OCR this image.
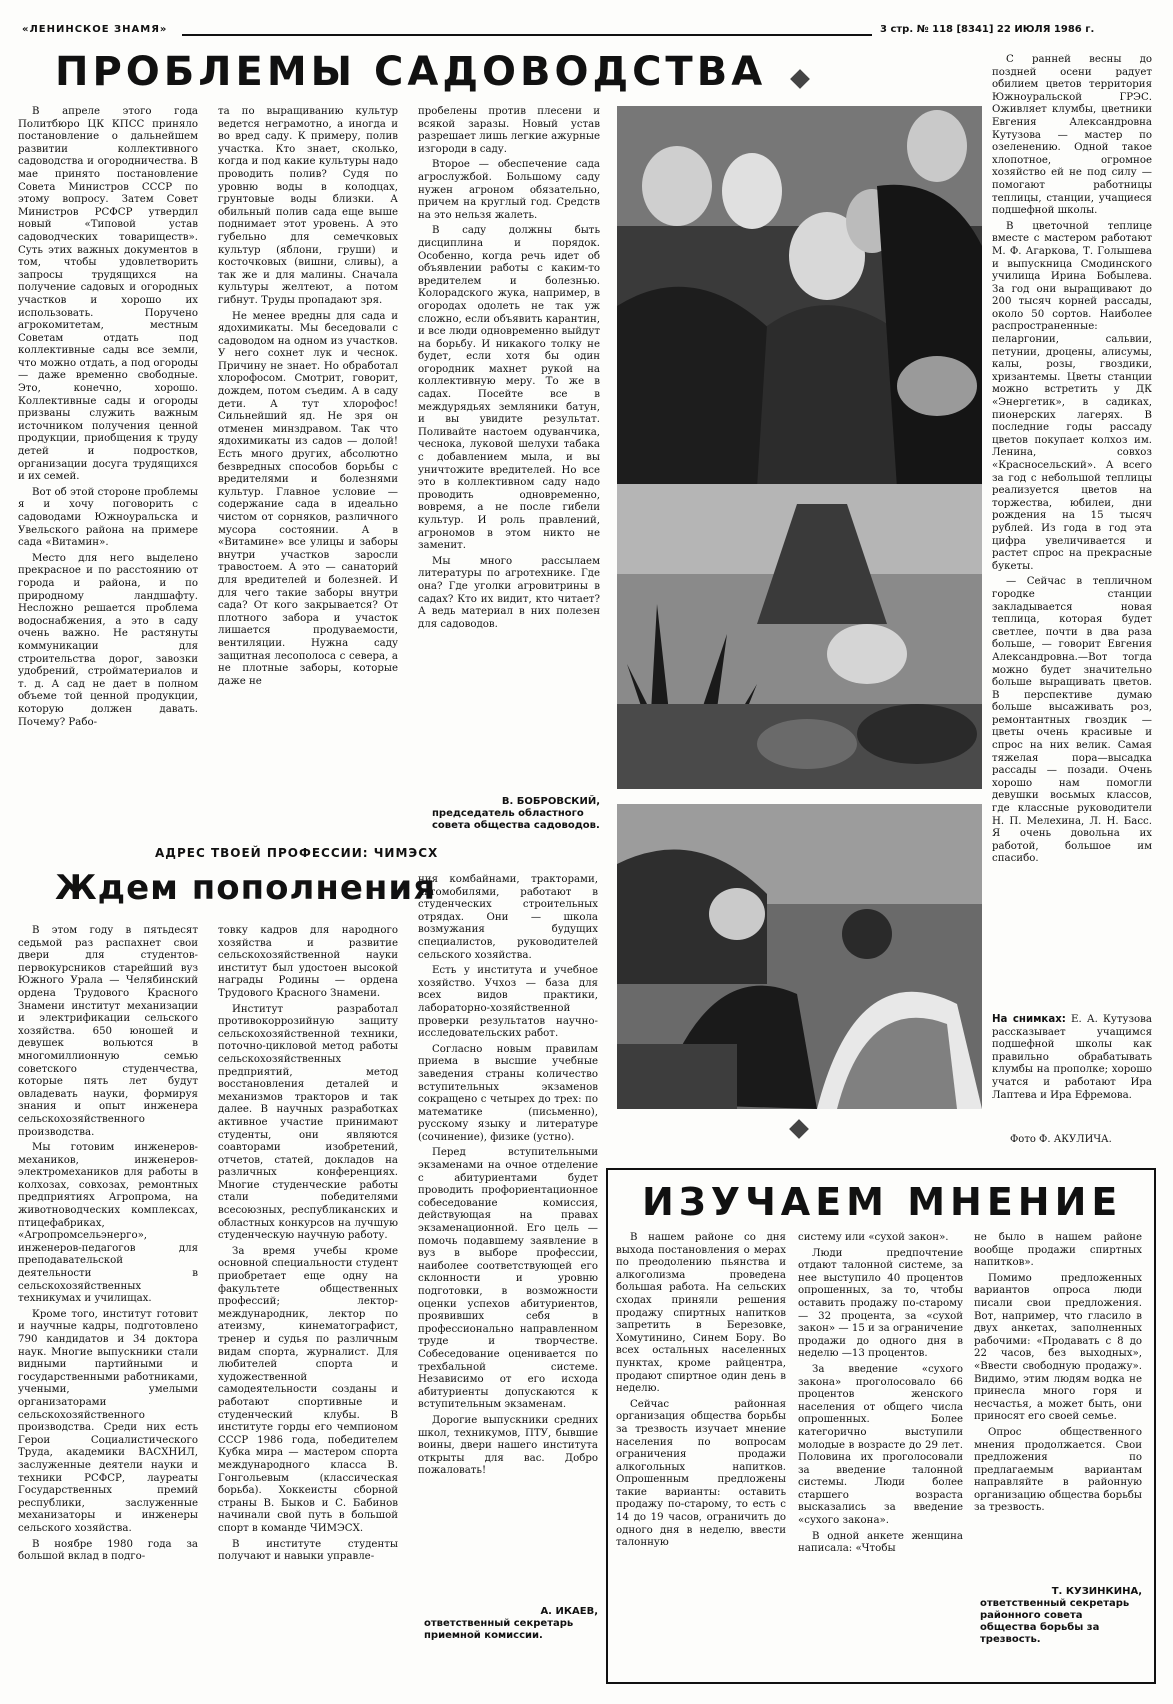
«ЛЕНИНСКОЕ ЗНАМЯ»	3 стр. № 118 [8341] 22 ИЮЛЯ 1986 г.
ПРОБЛЕМЫ САДОВОДСТВА

В апреле этого года Политбюро ЦК КПСС приняло постановление о дальнейшем развитии коллективного садоводства и огородничества. В мае принято постановление Совета Министров СССР по этому вопросу. Затем Совет Министров РСФСР утвердил новый «Типовой устав садоводческих товариществ». Суть этих важных документов в том, чтобы удовлетворить запросы трудящихся на получение садовых и огородных участков и хорошо их использовать. Поручено агрокомитетам, местным Советам отдать под коллективные сады все земли, что можно отдать, а под огороды — даже временно свободные. Это, конечно, хорошо. Коллективные сады и огороды призваны служить важным источником получения ценной продукции, приобщения к труду детей и подростков, организации досуга трудящихся и их семей.

Вот об этой стороне проблемы я и хочу поговорить с садоводами Южноуральска и Увельского района на примере сада «Витамин».

Место для него выделено прекрасное и по расстоянию от города и района, и по природному ландшафту. Несложно решается проблема водоснабжения, а это в саду очень важно. Не растянуты коммуникации для строительства дорог, завозки удобрений, стройматериалов и т. д. А сад не дает в полном объеме той ценной продукции, которую должен давать. Почему? Рабо-

та по выращиванию культур ведется неграмотно, а иногда и во вред саду. К примеру, полив участка. Кто знает, сколько, когда и под какие культуры надо проводить полив? Судя по уровню воды в колодцах, грунтовые воды близки. А обильный полив сада еще выше поднимает этот уровень. А это губельно для семечковых культур (яблони, груши) и косточковых (вишни, сливы), а так же и для малины. Сначала культуры желтеют, а потом гибнут. Труды пропадают зря.

Не менее вредны для сада и ядохимикаты. Мы беседовали с садоводом на одном из участков. У него сохнет лук и чеснок. Причину не знает. Но обработал хлорофосом. Смотрит, говорит, дождем, потом съедим. А в саду дети. А тут хлорофос! Сильнейший яд. Не зря он отменен минздравом. Так что ядохимикаты из садов — долой! Есть много других, абсолютно безвредных способов борьбы с вредителями и болезнями культур. Главное условие — содержание сада в идеально чистом от сорняков, различного мусора состоянии. А в «Витамине» все улицы и заборы внутри участков заросли травостоем. А это — санаторий для вредителей и болезней. И для чего такие заборы внутри сада? От кого закрывается? От плотного забора и участок лишается продуваемости, вентиляции. Нужна саду защитная лесополоса с севера, а не плотные заборы, которые даже не

пробелены против плесени и всякой заразы. Новый устав разрешает лишь легкие ажурные изгороди в саду.

Второе — обеспечение сада агрослужбой. Большому саду нужен агроном обязательно, причем на круглый год. Средств на это нельзя жалеть.

В саду должны быть дисциплина и порядок. Особенно, когда речь идет об объявлении работы с каким-то вредителем и болезнью. Колорадского жука, например, в огородах одолеть не так уж сложно, если объявить карантин, и все люди одновременно выйдут на борьбу. И никакого толку не будет, если хотя бы один огородник махнет рукой на коллективную меру. То же в садах. Посейте все в междурядьях земляники батун, и вы увидите результат. Поливайте настоем одуванчика, чеснока, луковой шелухи табака с добавлением мыла, и вы уничтожите вредителей. Но все это в коллективном саду надо проводить одновременно, вовремя, а не после гибели культур. И роль правлений, агрономов в этом никто не заменит.

Мы много рассылаем литературы по агротехнике. Где она? Где уголки агровитрины в садах? Кто их видит, кто читает? А ведь материал в них полезен для садоводов.

В. БОБРОВСКИЙ,
председатель областного совета общества садоводов.

С ранней весны до поздней осени радует обилием цветов территория Южноуральской ГРЭС. Оживляет клумбы, цветники Евгения Александровна Кутузова — мастер по озеленению. Одной такое хлопотное, огромное хозяйство ей не под силу — помогают работницы теплицы, станции, учащиеся подшефной школы.

В цветочной теплице вместе с мастером работают М. Ф. Агаркова, Т. Голышева и выпускница Смодинского училища Ирина Бобылева. За год они выращивают до 200 тысяч корней рассады, около 50 сортов. Наиболее распространенные: пеларгонии, сальвии, петунии, дроцены, алисумы, калы, розы, гвоздики, хризантемы. Цветы станции можно встретить у ДК «Энергетик», в садиках, пионерских лагерях. В последние годы рассаду цветов покупает колхоз им. Ленина, совхоз «Красносельский». А всего за год с небольшой теплицы реализуется цветов на торжества, юбилеи, дни рождения на 15 тысяч рублей. Из года в год эта цифра увеличивается и растет спрос на прекрасные букеты.

— Сейчас в тепличном городке станции закладывается новая теплица, которая будет светлее, почти в два раза больше, — говорит Евгения Александровна.—Вот тогда можно будет значительно больше выращивать цветов. В перспективе думаю больше высаживать роз, ремонтантных гвоздик — цветы очень красивые и спрос на них велик. Самая тяжелая пора—высадка рассады — позади. Очень хорошо нам помогли девушки восьмых классов, где классные руководители Н. П. Мелехина, Л. Н. Басс. Я очень довольна их работой, большое им спасибо.

На снимках: Е. А. Кутузова рассказывает учащимся подшефной школы как правильно обрабатывать клумбы на прополке; хорошо учатся и работают Ира Лаптева и Ира Ефремова.

Фото Ф. АКУЛИЧА.
АДРЕС ТВОЕЙ ПРОФЕССИИ: ЧИМЭСХ
Ждем пополнения

В этом году в пятьдесят седьмой раз распахнет свои двери для студентов-первокурсников старейший вуз Южного Урала — Челябинский ордена Трудового Красного Знамени институт механизации и электрификации сельского хозяйства. 650 юношей и девушек вольются в многомиллионную семью советского студенчества, которые пять лет будут овладевать науки, формируя знания и опыт инженера сельскохозяйственного производства.

Мы готовим инженеров-механиков, инженеров-электромехаников для работы в колхозах, совхозах, ремонтных предприятиях Агропрома, на животноводческих комплексах, птицефабриках, «Агропромсельэнерго», инженеров-педагогов для преподавательской деятельности в сельскохозяйственных техникумах и училищах.

Кроме того, институт готовит и научные кадры, подготовлено 790 кандидатов и 34 доктора наук. Многие выпускники стали видными партийными и государственными работниками, учеными, умелыми организаторами сельскохозяйственного производства. Среди них есть Герои Социалистического Труда, академики ВАСХНИЛ, заслуженные деятели науки и техники РСФСР, лауреаты Государственных премий республики, заслуженные механизаторы и инженеры сельского хозяйства.

В ноябре 1980 года за большой вклад в подго-

товку кадров для народного хозяйства и развитие сельскохозяйственной науки институт был удостоен высокой награды Родины — ордена Трудового Красного Знамени.

Институт разработал противокоррозийную защиту сельскохозяйственной техники, поточно-цикловой метод работы сельскохозяйственных предприятий, метод восстановления деталей и механизмов тракторов и так далее. В научных разработках активное участие принимают студенты, они являются соавторами изобретений, отчетов, статей, докладов на различных конференциях. Многие студенческие работы стали победителями всесоюзных, республиканских и областных конкурсов на лучшую студенческую научную работу.

За время учебы кроме основной специальности студент приобретает еще одну на факультете общественных профессий; лектор-международник, лектор по атеизму, кинематографист, тренер и судья по различным видам спорта, журналист. Для любителей спорта и художественной самодеятельности созданы и работают спортивные и студенческий клубы. В институте горды его чемпионом СССР 1986 года, победителем Кубка мира — мастером спорта международного класса В. Гонгольевым (классическая борьба). Хоккеисты сборной страны В. Быков и С. Бабинов начинали свой путь в большой спорт в команде ЧИМЭСХ.

В институте студенты получают и навыки управле-

ния комбайнами, тракторами, автомобилями, работают в студенческих строительных отрядах. Они — школа возмужания будущих специалистов, руководителей сельского хозяйства.

Есть у института и учебное хозяйство. Учхоз — база для всех видов практики, лабораторно-хозяйственной проверки результатов научно-исследовательских работ.

Согласно новым правилам приема в высшие учебные заведения страны количество вступительных экзаменов сокращено с четырех до трех: по математике (письменно), русскому языку и литературе (сочинение), физике (устно).

Перед вступительными экзаменами на очное отделение с абитуриентами будет проводить профориентационное собеседование комиссия, действующая на правах экзаменационной. Его цель — помочь подавшему заявление в вуз в выборе профессии, наиболее соответствующей его склонности и уровню подготовки, в возможности оценки успехов абитуриентов, проявивших себя в профессионально направленном труде и творчестве. Собеседование оценивается по трехбальной системе. Независимо от его исхода абитуриенты допускаются к вступительным экзаменам.

Дорогие выпускники средних школ, техникумов, ПТУ, бывшие воины, двери нашего института открыты для вас. Добро пожаловать!

А. ИКАЕВ,
ответственный секретарь приемной комиссии.
ИЗУЧАЕМ МНЕНИЕ

В нашем районе со дня выхода постановления о мерах по преодолению пьянства и алкоголизма проведена большая работа. На сельских сходах приняли решения продажу спиртных напитков запретить в Березовке, Хомутинино, Синем Бору. Во всех остальных населенных пунктах, кроме райцентра, продают спиртное один день в неделю.

Сейчас районная организация общества борьбы за трезвость изучает мнение населения по вопросам ограничения продажи алкогольных напитков. Опрошенным предложены такие варианты: оставить продажу по-старому, то есть с 14 до 19 часов, ограничить до одного дня в неделю, ввести талонную

систему или «сухой закон».

Люди предпочтение отдают талонной системе, за нее выступило 40 процентов опрошенных, за то, чтобы оставить продажу по-старому — 32 процента, за «сухой закон» — 15 и за ограничение продажи до одного дня в неделю —13 процентов.

За введение «сухого закона» проголосовало 66 процентов женского населения от общего числа опрошенных. Более категорично выступили молодые в возрасте до 29 лет. Половина их проголосовали за введение талонной системы. Люди более старшего возраста высказались за введение «сухого закона».

В одной анкете женщина написала: «Чтобы

не было в нашем районе вообще продажи спиртных напитков».

Помимо предложенных вариантов опроса люди писали свои предложения. Вот, например, что гласило в двух анкетах, заполненных рабочими: «Продавать с 8 до 22 часов, без выходных», «Ввести свободную продажу». Видимо, этим людям водка не принесла много горя и несчастья, а может быть, они приносят его своей семье.

Опрос общественного мнения продолжается. Свои предложения по предлагаемым вариантам направляйте в районную организацию общества борьбы за трезвость.

Т. КУЗИНКИНА,
ответственный секретарь районного совета общества борьбы за трезвость.
